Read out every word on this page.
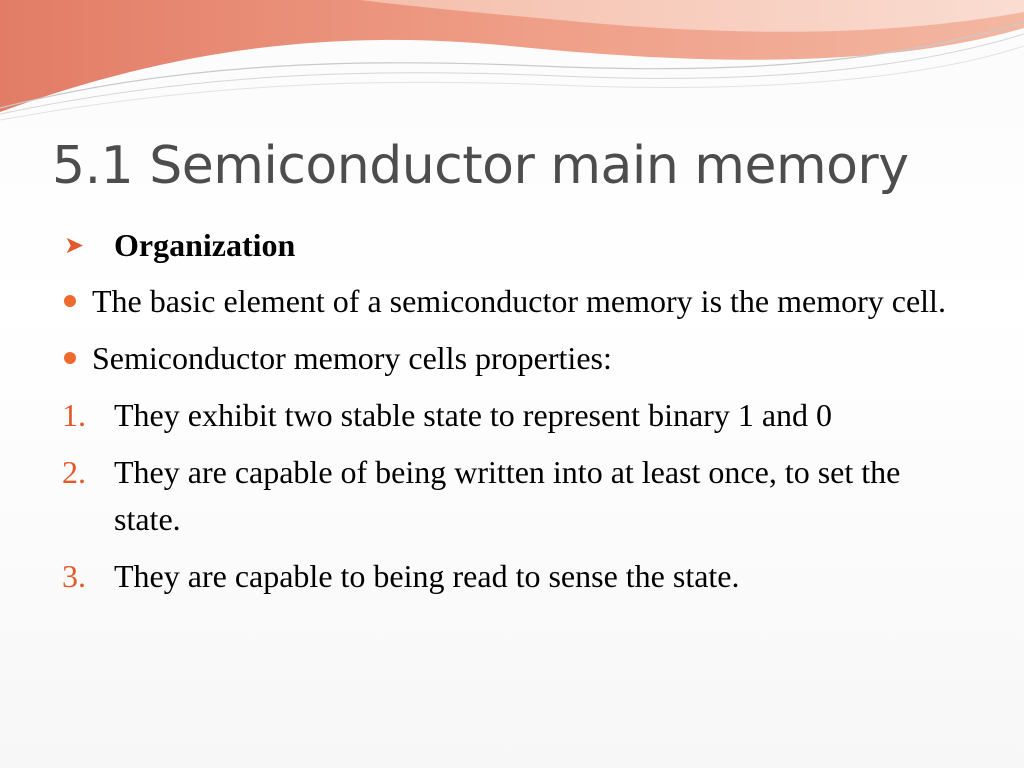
5.1 Semiconductor main memory
➤ Organization
The basic element of a semiconductor memory is the memory cell.
Semiconductor memory cells properties:
1. They exhibit two stable state to represent binary 1 and 0
2. They are capable of being written into at least once, to set the state.
3. They are capable to being read to sense the state.
